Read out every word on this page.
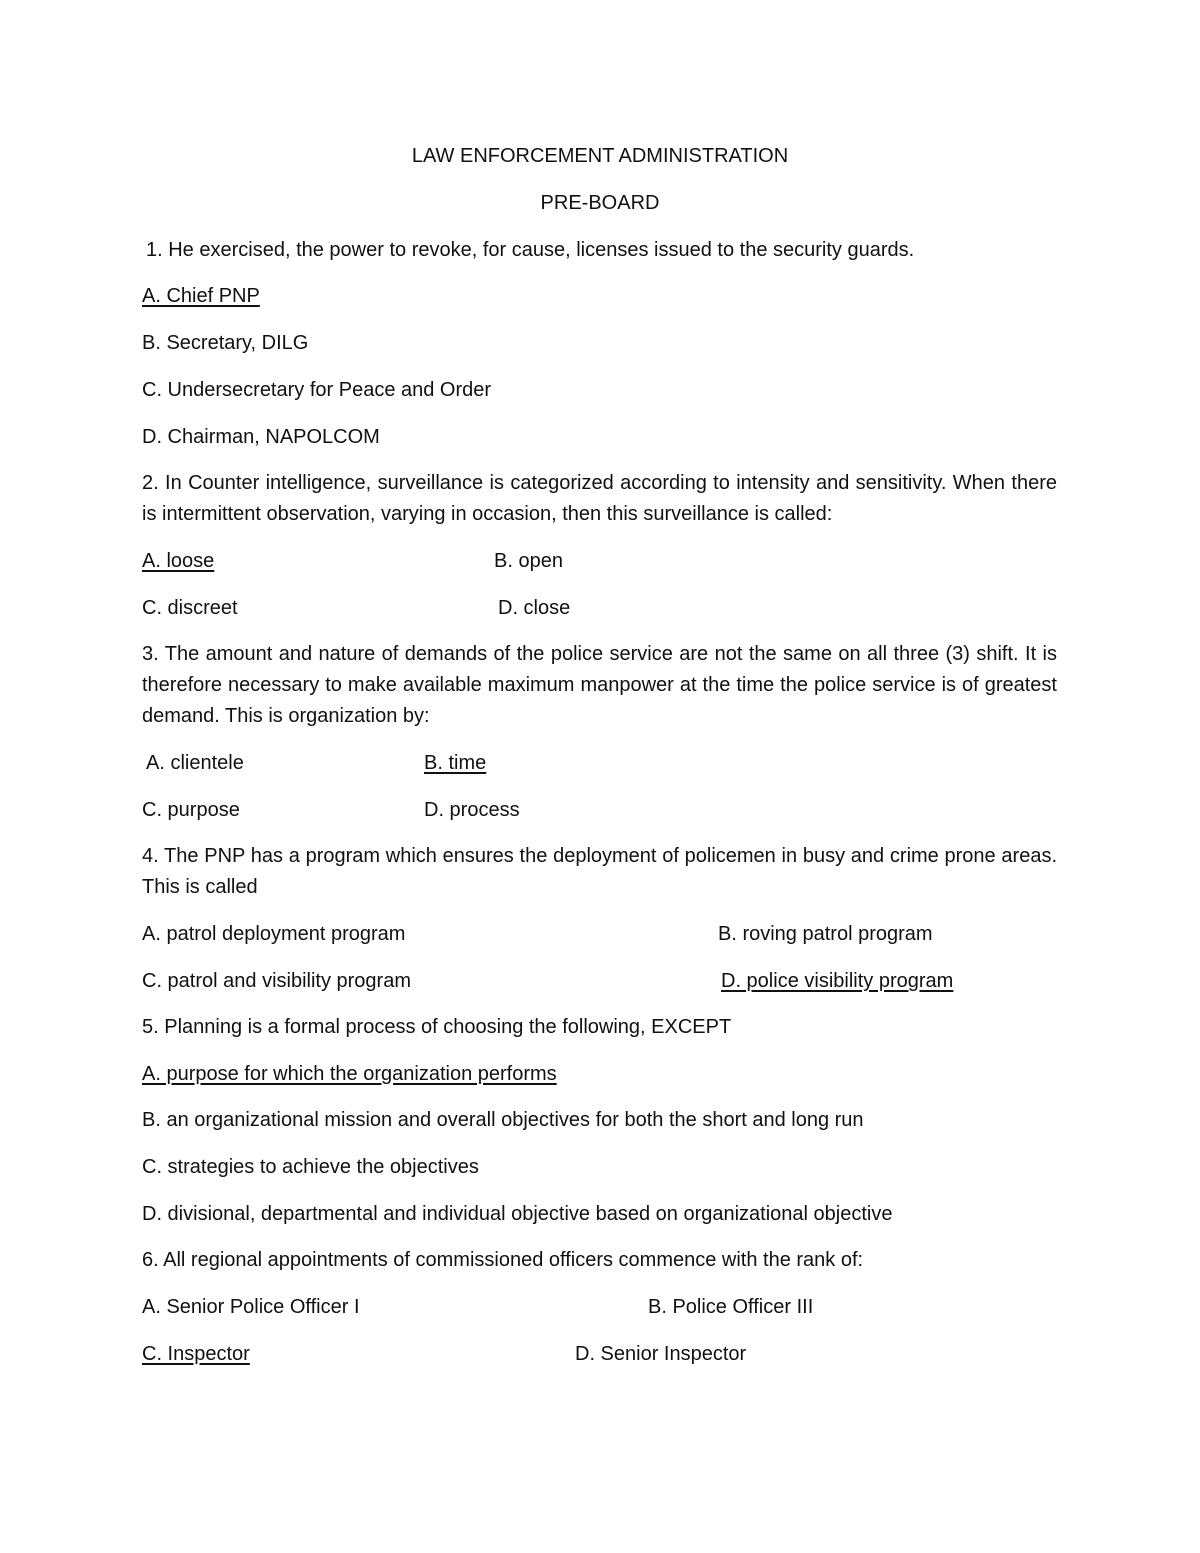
LAW ENFORCEMENT ADMINISTRATION
PRE-BOARD
1. He exercised, the power to revoke, for cause, licenses issued to the security guards.
A. Chief PNP
B. Secretary, DILG
C. Undersecretary for Peace and Order
D. Chairman, NAPOLCOM
2. In Counter intelligence, surveillance is categorized according to intensity and sensitivity. When there is intermittent observation, varying in occasion, then this surveillance is called:
A. loose	B. open
C. discreet	D. close
3. The amount and nature of demands of the police service are not the same on all three (3) shift. It is therefore necessary to make available maximum manpower at the time the police service is of greatest demand. This is organization by:
A. clientele	B. time
C. purpose	D. process
4. The PNP has a program which ensures the deployment of policemen in busy and crime prone areas. This is called
A. patrol deployment program	B. roving patrol program
C. patrol and visibility program	D. police visibility program
5. Planning is a formal process of choosing the following, EXCEPT
A. purpose for which the organization performs
B. an organizational mission and overall objectives for both the short and long run
C. strategies to achieve the objectives
D. divisional, departmental and individual objective based on organizational objective
6. All regional appointments of commissioned officers commence with the rank of:
A. Senior Police Officer I	B. Police Officer III
C. Inspector	D. Senior Inspector
